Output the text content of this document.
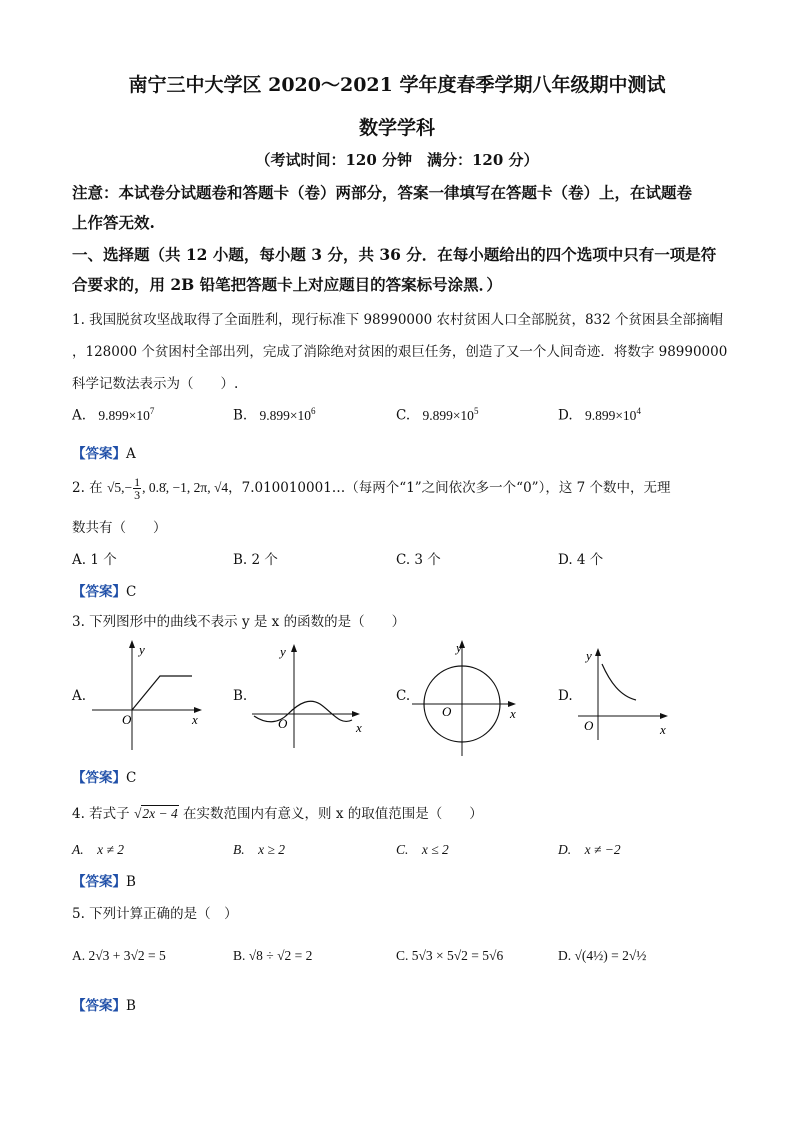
南宁三中大学区 2020～2021 学年度春季学期八年级期中测试
数学学科
（考试时间：120 分钟　满分：120 分）
注意：本试卷分试题卷和答题卡（卷）两部分，答案一律填写在答题卡（卷）上，在试题卷
上作答无效.
一、选择题（共 12 小题，每小题 3 分，共 36 分．在每小题给出的四个选项中只有一项是符
合要求的，用 2B 铅笔把答题卡上对应题目的答案标号涂黑．）
1. 我国脱贫攻坚战取得了全面胜利，现行标准下 98990000 农村贫困人口全部脱贫，832 个贫困县全部摘帽
，128000 个贫困村全部出列，完成了消除绝对贫困的艰巨任务，创造了又一个人间奇迹．将数字 98990000
科学记数法表示为（　　）.
A. $9.899\times 10^7$	B. $9.899\times 10^6$	C. $9.899\times 10^5$	D. $9.899\times 10^4$
【答案】A
2. 在 $√5,- \frac{1}{3}$ , 0.8̇, −1, 2π, √4，7.010010001…（每两个“1”之间依次多一个“0”），这 7 个数中，无理
数共有（　　）
A. 1 个	B. 2 个	C. 3 个	D. 4 个
【答案】C
3. 下列图形中的曲线不表示 y 是 x 的函数的是（　　）
A.	B.	C.	D.
y
x
O
y
x
O
y
x
O
y
x
O
【答案】C
4. 若式子 √2x − 4 在实数范围内有意义，则 x 的取值范围是（　　）
A.　x ≠ 2	B.　x ≥ 2	C.　x ≤ 2	D.　x ≠ −2
【答案】B
5. 下列计算正确的是（　）
A. 2√3 + 3√2 = 5	B. √8 ÷ √2 = 2	C. 5√3 × 5√2 = 5√6	D. √(4½) = 2√½
【答案】B
